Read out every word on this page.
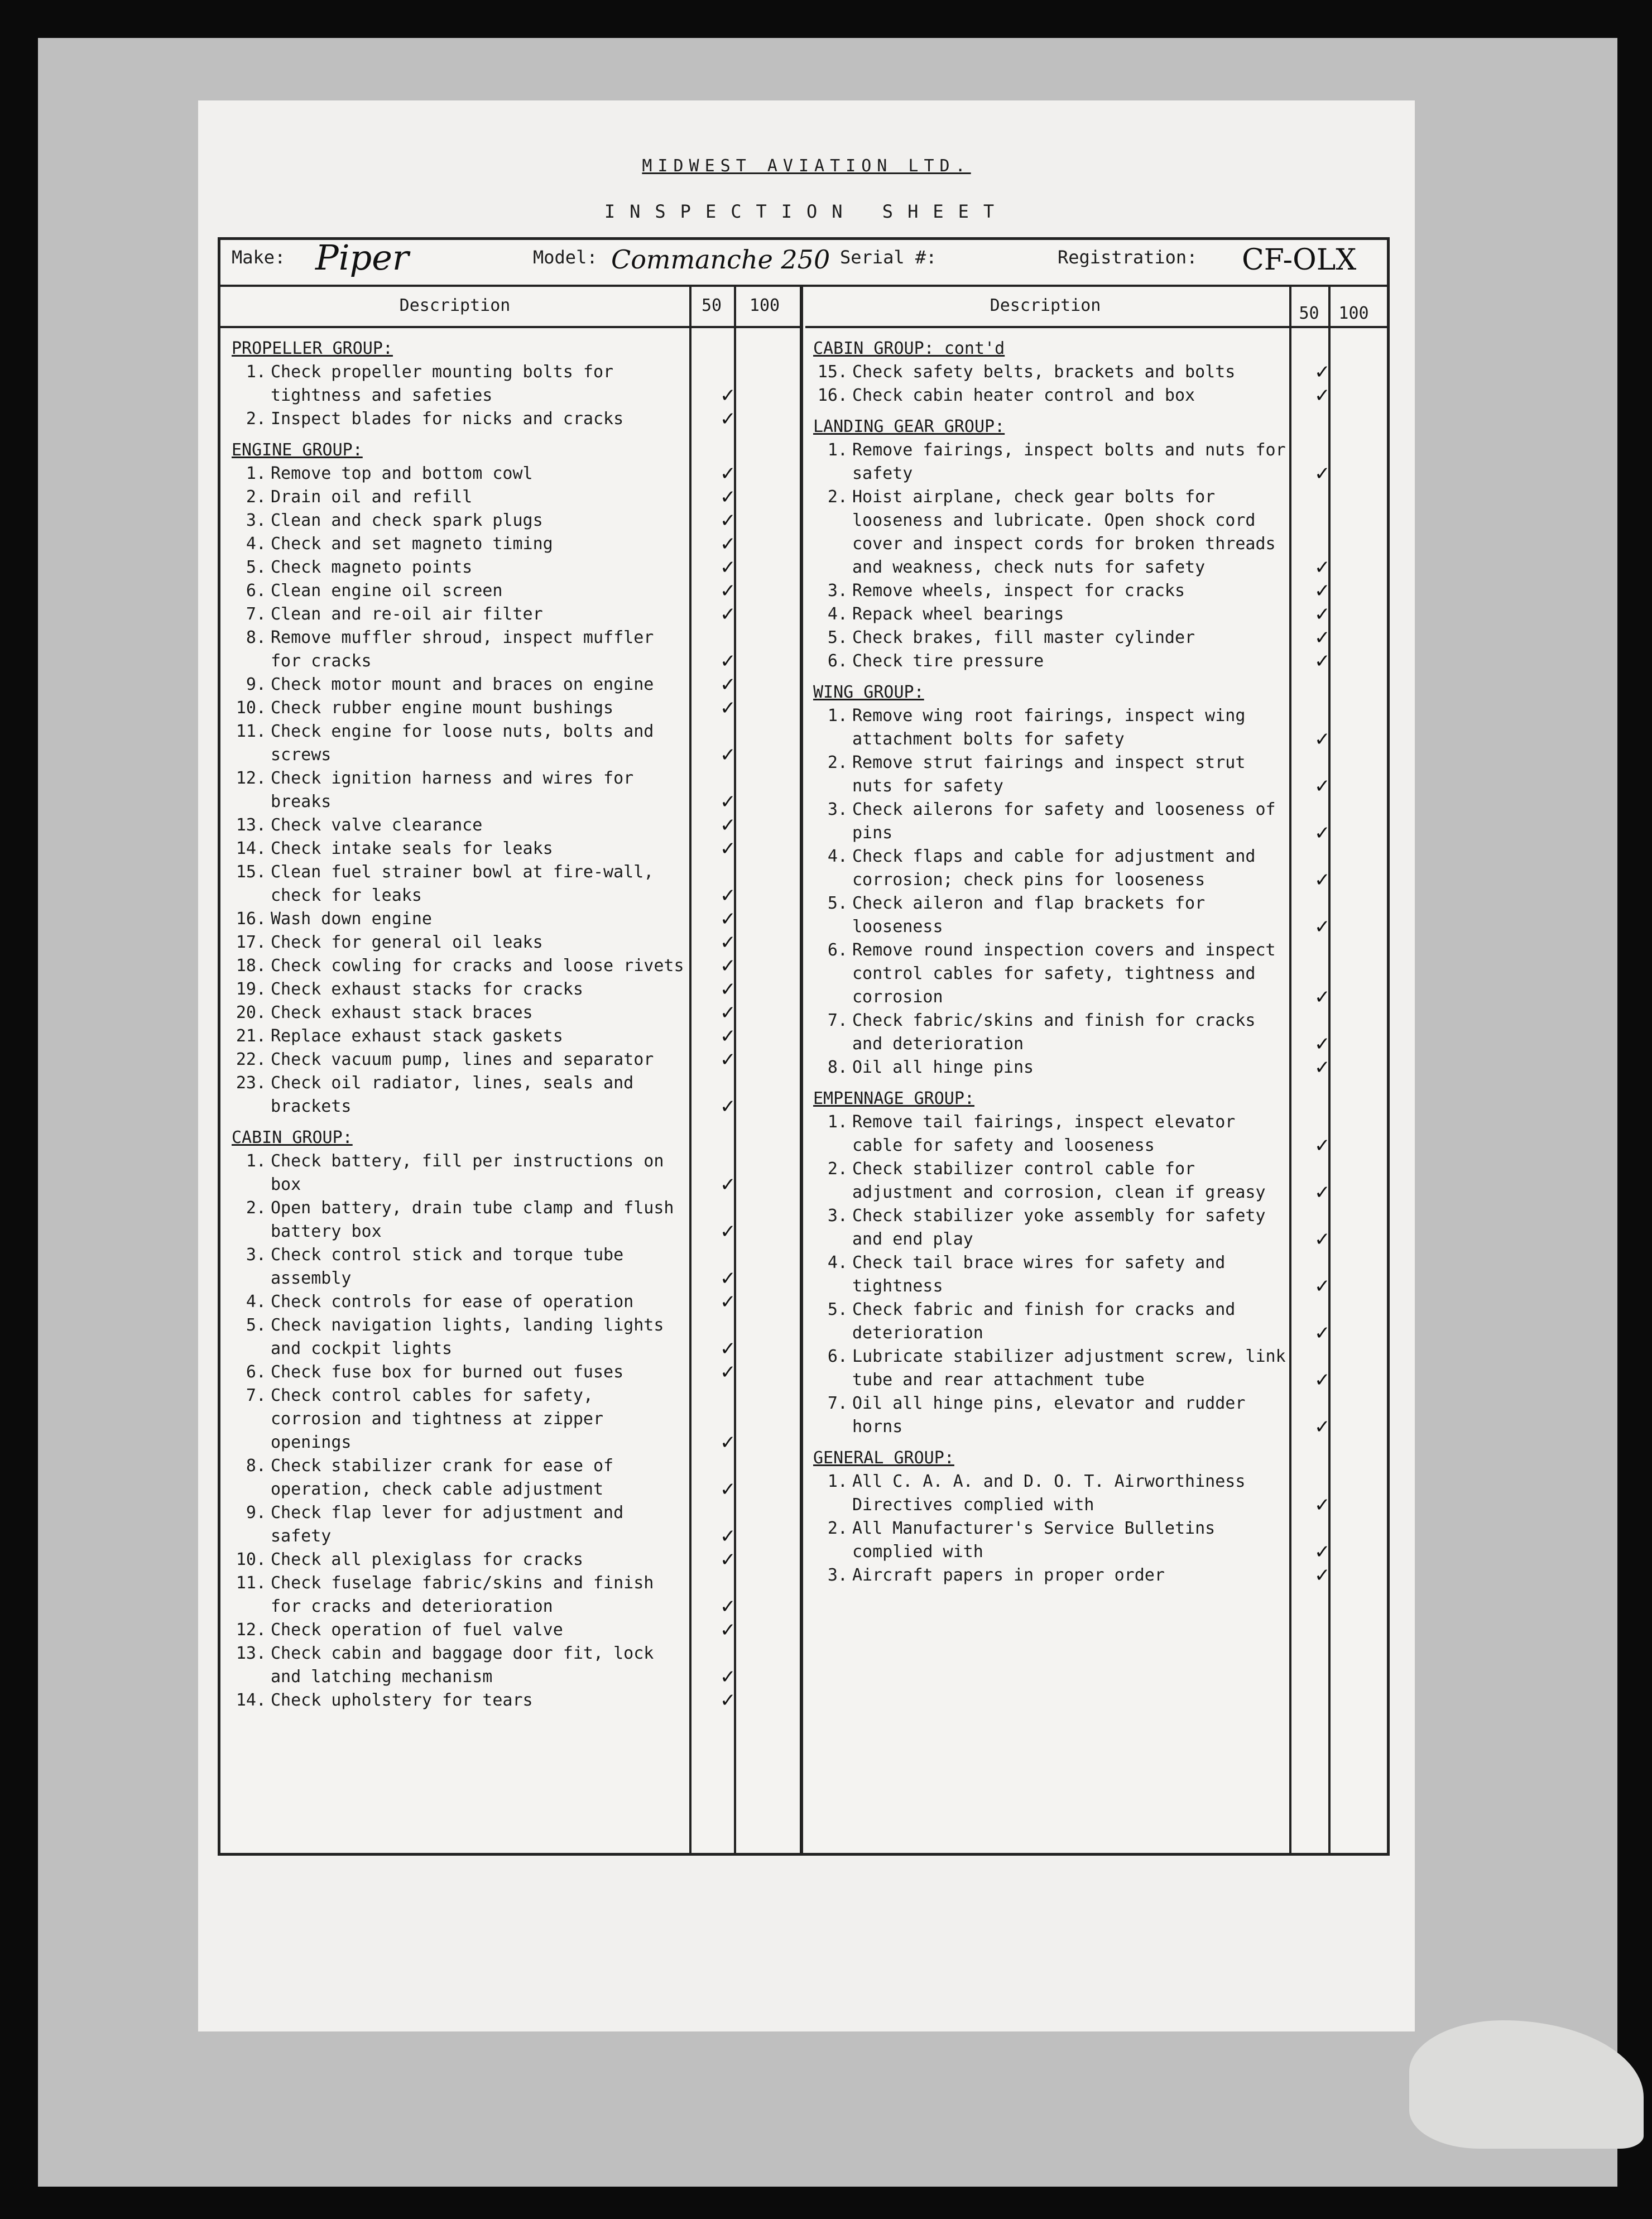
MIDWEST AVIATION LTD.
INSPECTION SHEET
Make: Piper	Model: Commanche 250 Serial #:	Registration: CF-OLX
Description	50	100	Description	50	100
PROPELLER GROUP:
1. Check propeller mounting bolts for tightness and safeties	✓
2. Inspect blades for nicks and cracks	✓
ENGINE GROUP:
1. Remove top and bottom cowl	✓
2. Drain oil and refill	✓
3. Clean and check spark plugs	✓
4. Check and set magneto timing	✓
5. Check magneto points	✓
6. Clean engine oil screen	✓
7. Clean and re-oil air filter	✓
8. Remove muffler shroud, inspect muffler for cracks	✓
9. Check motor mount and braces on engine	✓
10. Check rubber engine mount bushings	✓
11. Check engine for loose nuts, bolts and screws	✓
12. Check ignition harness and wires for breaks	✓
13. Check valve clearance	✓
14. Check intake seals for leaks	✓
15. Clean fuel strainer bowl at fire-wall, check for leaks	✓
16. Wash down engine	✓
17. Check for general oil leaks	✓
18. Check cowling for cracks and loose rivets ✓
19. Check exhaust stacks for cracks	✓
20. Check exhaust stack braces	✓
21. Replace exhaust stack gaskets	✓
22. Check vacuum pump, lines and separator	✓
23. Check oil radiator, lines, seals and brackets	✓
CABIN GROUP:
1. Check battery, fill per instructions on box	✓
2. Open battery, drain tube clamp and flush battery box	✓
3. Check control stick and torque tube assembly	✓
4. Check controls for ease of operation	✓
5. Check navigation lights, landing lights and cockpit lights	✓
6. Check fuse box for burned out fuses	✓
7. Check control cables for safety, corrosion and tightness at zipper openings	✓
8. Check stabilizer crank for ease of operation, check cable adjustment	✓
9. Check flap lever for adjustment and safety	✓
10. Check all plexiglass for cracks	✓
11. Check fuselage fabric/skins and finish for cracks and deterioration	✓
12. Check operation of fuel valve	✓
13. Check cabin and baggage door fit, lock and latching mechanism	✓
14. Check upholstery for tears	✓
CABIN GROUP: cont'd
15. Check safety belts, brackets and bolts	✓
16. Check cabin heater control and box	✓
LANDING GEAR GROUP:
1. Remove fairings, inspect bolts and nuts for safety	✓
2. Hoist airplane, check gear bolts for looseness and lubricate. Open shock cord cover and inspect cords for broken threads and weakness, check nuts for safety	✓
3. Remove wheels, inspect for cracks	✓
4. Repack wheel bearings	✓
5. Check brakes, fill master cylinder	✓
6. Check tire pressure	✓
WING GROUP:
1. Remove wing root fairings, inspect wing attachment bolts for safety	✓
2. Remove strut fairings and inspect strut nuts for safety	✓
3. Check ailerons for safety and looseness of pins	✓
4. Check flaps and cable for adjustment and corrosion; check pins for looseness	✓
5. Check aileron and flap brackets for looseness	✓
6. Remove round inspection covers and inspect control cables for safety, tightness and corrosion	✓
7. Check fabric/skins and finish for cracks and deterioration	✓
8. Oil all hinge pins	✓
EMPENNAGE GROUP:
1. Remove tail fairings, inspect elevator cable for safety and looseness	✓
2. Check stabilizer control cable for adjustment and corrosion, clean if greasy	✓
3. Check stabilizer yoke assembly for safety and end play	✓
4. Check tail brace wires for safety and tightness	✓
5. Check fabric and finish for cracks and deterioration	✓
6. Lubricate stabilizer adjustment screw, link tube and rear attachment tube	✓
7. Oil all hinge pins, elevator and rudder horns	✓
GENERAL GROUP:
1. All C. A. A. and D. O. T. Airworthiness Directives complied with	✓
2. All Manufacturer's Service Bulletins complied with	✓
3. Aircraft papers in proper order	✓
